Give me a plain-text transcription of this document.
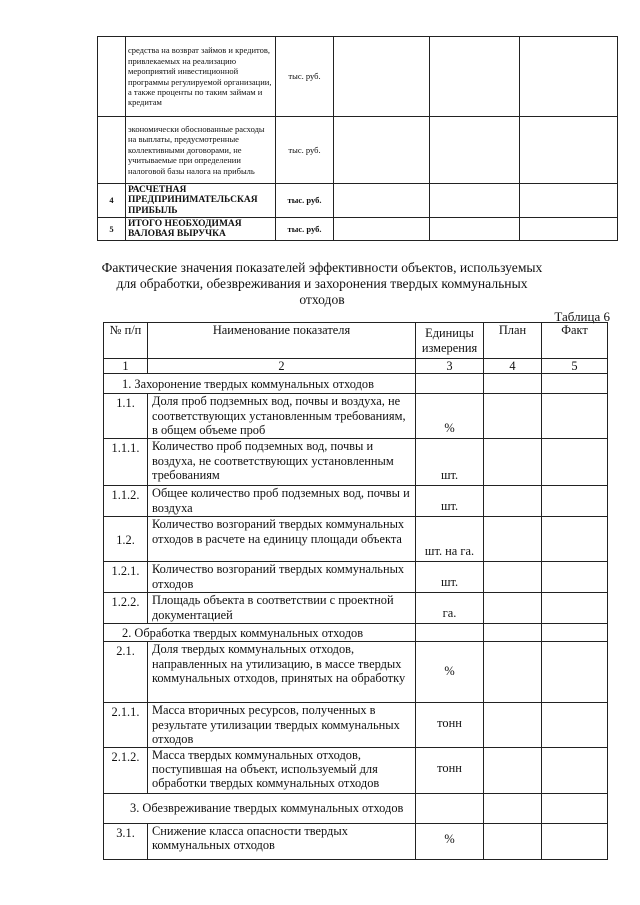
	средства на возврат займов и кредитов, привлекаемых на реализацию мероприятий инвестиционной программы регулируемой организации, а также проценты по таким займам и кредитам	тыс. руб.			
	экономически обоснованные расходы на выплаты, предусмотренные коллективными договорами, не учитываемые при определении налоговой базы налога на прибыль	тыс. руб.			
4	РАСЧЕТНАЯ ПРЕДПРИНИМАТЕЛЬСКАЯ ПРИБЫЛЬ	тыс. руб.			
5	ИТОГО НЕОБХОДИМАЯ ВАЛОВАЯ ВЫРУЧКА	тыс. руб.			
Фактические значения показателей эффективности объектов, используемых для обработки, обезвреживания и захоронения твердых коммунальных отходов
Таблица 6
№ п/п	Наименование показателя	Единицы измерения	План	Факт
1	2	3	4	5
1. Захоронение твердых коммунальных отходов				
1.1.	Доля проб подземных вод, почвы и воздуха, не соответствующих установленным требованиям, в общем объеме проб	%		
1.1.1.	Количество проб подземных вод, почвы и воздуха, не соответствующих установленным требованиям	шт.		
1.1.2.	Общее количество проб подземных вод, почвы и воздуха	шт.		
1.2.	Количество возгораний твердых коммунальных отходов в расчете на единицу площади объекта	шт. на га.		
1.2.1.	Количество возгораний твердых коммунальных отходов	шт.		
1.2.2.	Площадь объекта в соответствии с проектной документацией	га.		
2. Обработка твердых коммунальных отходов				
2.1.	Доля твердых коммунальных отходов, направленных на утилизацию, в массе твердых коммунальных отходов, принятых на обработку	%		
2.1.1.	Масса вторичных ресурсов, полученных в результате утилизации твердых коммунальных отходов	тонн		
2.1.2.	Масса твердых коммунальных отходов, поступившая на объект, используемый для обработки твердых коммунальных отходов	тонн		
3. Обезвреживание твердых коммунальных отходов				
3.1.	Снижение класса опасности твердых коммунальных отходов	%		
